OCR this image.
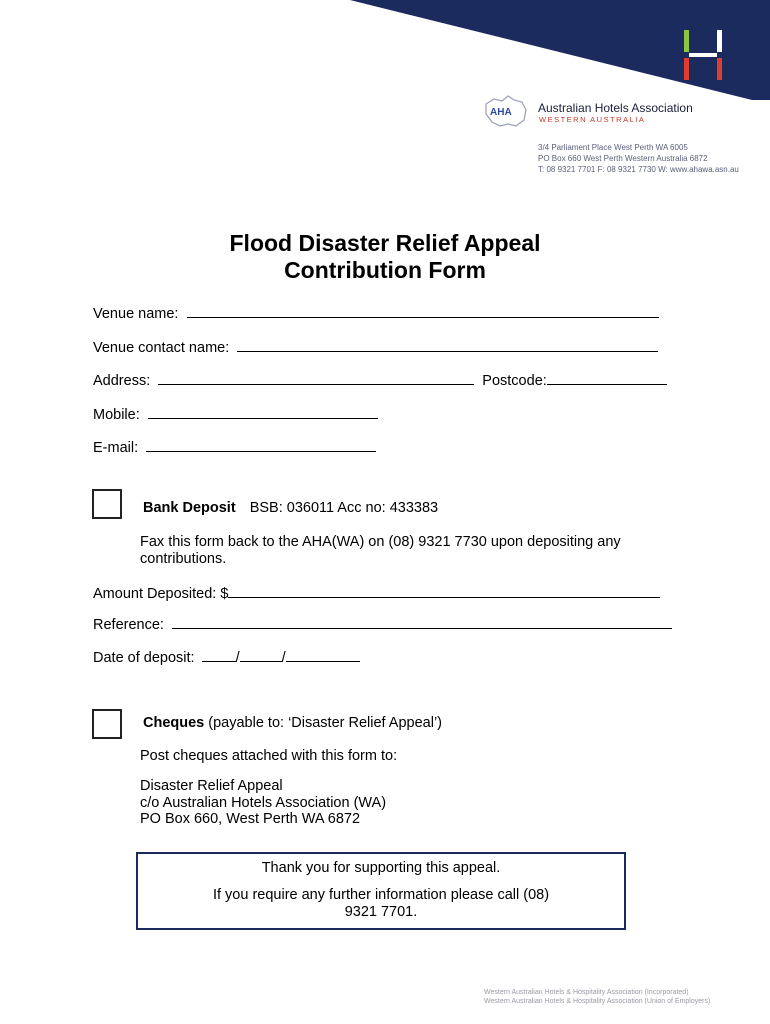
AHA Australian Hotels Association
WESTERN AUSTRALIA
3/4 Parliament Place West Perth WA 6005
PO Box 660 West Perth Western Australia 6872
T: 08 9321 7701 F: 08 9321 7730 W: www.ahawa.asn.au
Flood Disaster Relief Appeal
Contribution Form
Venue name:
Venue contact name:
Address:	Postcode:
Mobile:
E-mail:
Bank Deposit BSB: 036011 Acc no: 433383
Fax this form back to the AHA(WA) on (08) 9321 7730 upon depositing any contributions.
Amount Deposited: $
Reference:
Date of deposit:	/	/
Cheques (payable to: ‘Disaster Relief Appeal’)
Post cheques attached with this form to:
Disaster Relief Appeal
c/o Australian Hotels Association (WA)
PO Box 660, West Perth WA 6872
Thank you for supporting this appeal.
If you require any further information please call (08) 9321 7701.
Western Australian Hotels & Hospitality Association (Incorporated)
Western Australian Hotels & Hospitality Association (Union of Employers)
